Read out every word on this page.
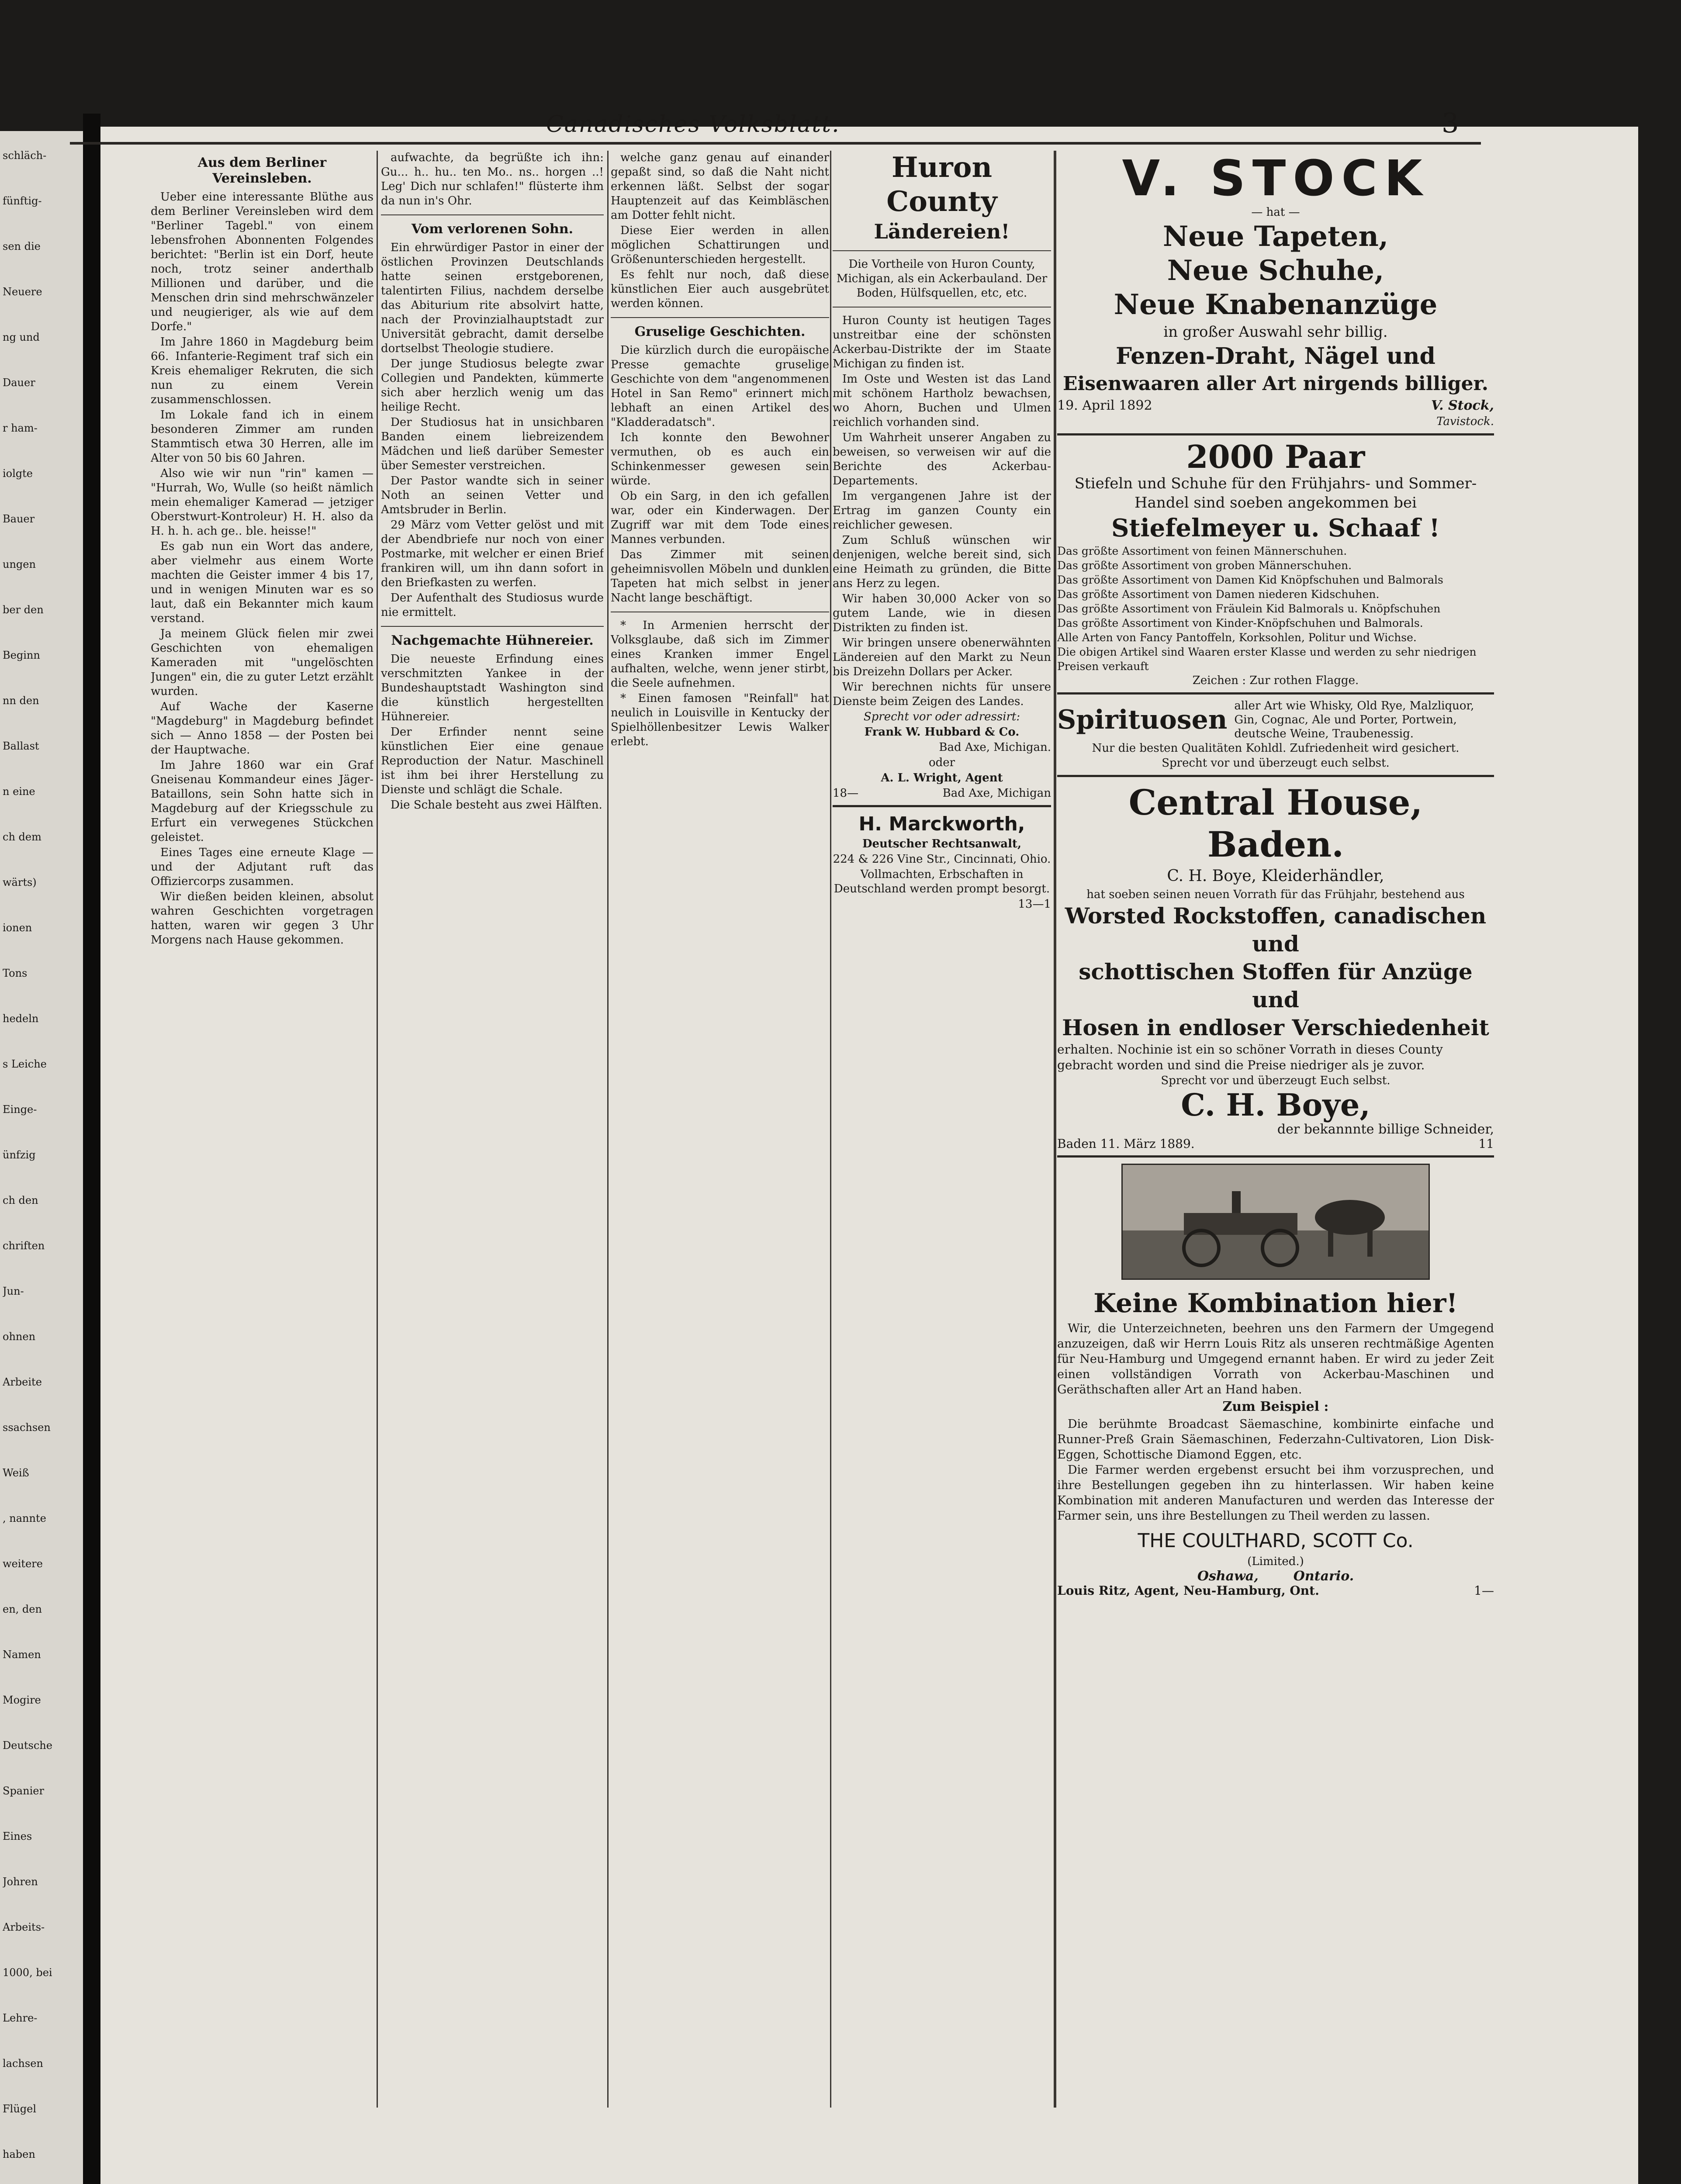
schläch-
fünftig-
sen die
Neuere
ng und
Dauer
r ham-
iolgte
Bauer
ungen
ber den
Beginn
nn den
Ballast
n eine
ch dem
wärts)
ionen
Tons
hedeln
s Leiche
Einge-
ünfzig
ch den
chriften
Jun-
ohnen
Arbeite
ssachsen
Weiß
, nannte
weitere
en, den
Namen
Mogire
Deutsche
Spanier
Eines
Johren
Arbeits-
1000, bei
Lehre-
lachsen
Flügel
haben
Canadisches Volksblatt.	3
Aus dem Berliner Vereinsleben.

Ueber eine interessante Blüthe aus dem Berliner Vereinsleben wird dem "Berliner Tagebl." von einem lebensfrohen Abonnenten Folgendes berichtet: "Berlin ist ein Dorf, heute noch, trotz seiner anderthalb Millionen und darüber, und die Menschen drin sind mehrschwänzeler und neugieriger, als wie auf dem Dorfe."

Im Jahre 1860 in Magdeburg beim 66. Infanterie-Regiment traf sich ein Kreis ehemaliger Rekruten, die sich nun zu einem Verein zusammenschlossen.

Im Lokale fand ich in einem besonderen Zimmer am runden Stammtisch etwa 30 Herren, alle im Alter von 50 bis 60 Jahren.

Also wie wir nun "rin" kamen — "Hurrah, Wo, Wulle (so heißt nämlich mein ehemaliger Kamerad — jetziger Oberstwurt-Kontroleur) H. H. also da H. h. h. ach ge.. ble. heisse!"

Es gab nun ein Wort das andere, aber vielmehr aus einem Worte machten die Geister immer 4 bis 17, und in wenigen Minuten war es so laut, daß ein Bekannter mich kaum verstand.

Ja meinem Glück fielen mir zwei Geschichten von ehemaligen Kameraden mit "ungelöschten Jungen" ein, die zu guter Letzt erzählt wurden.

Auf Wache der Kaserne "Magdeburg" in Magdeburg befindet sich — Anno 1858 — der Posten bei der Hauptwache.

Im Jahre 1860 war ein Graf Gneisenau Kommandeur eines Jäger-Bataillons, sein Sohn hatte sich in Magdeburg auf der Kriegsschule zu Erfurt ein verwegenes Stückchen geleistet.

Eines Tages eine erneute Klage — und der Adjutant ruft das Offiziercorps zusammen.

Wir dießen beiden kleinen, absolut wahren Geschichten vorgetragen hatten, waren wir gegen 3 Uhr Morgens nach Hause gekommen.

aufwachte, da begrüßte ich ihn: Gu... h.. hu.. ten Mo.. ns.. horgen ..! Leg' Dich nur schlafen!" flüsterte ihm da nun in's Ohr.

Vom verlorenen Sohn.

Ein ehrwürdiger Pastor in einer der östlichen Provinzen Deutschlands hatte seinen erstgeborenen, talentirten Filius, nachdem derselbe das Abiturium rite absolvirt hatte, nach der Provinzialhauptstadt zur Universität gebracht, damit derselbe dortselbst Theologie studiere.

Der junge Studiosus belegte zwar Collegien und Pandekten, kümmerte sich aber herzlich wenig um das heilige Recht.

Der Studiosus hat in unsichbaren Banden einem liebreizendem Mädchen und ließ darüber Semester über Semester verstreichen.

Der Pastor wandte sich in seiner Noth an seinen Vetter und Amtsbruder in Berlin.

29 März vom Vetter gelöst und mit der Abendbriefe nur noch von einer Postmarke, mit welcher er einen Brief frankiren will, um ihn dann sofort in den Briefkasten zu werfen.

Der Aufenthalt des Studiosus wurde nie ermittelt.

Nachgemachte Hühnereier.

Die neueste Erfindung eines verschmitzten Yankee in der Bundeshauptstadt Washington sind die künstlich hergestellten Hühnereier.

Der Erfinder nennt seine künstlichen Eier eine genaue Reproduction der Natur. Maschinell ist ihm bei ihrer Herstellung zu Dienste und schlägt die Schale.

Die Schale besteht aus zwei Hälften.

welche ganz genau auf einander gepaßt sind, so daß die Naht nicht erkennen läßt. Selbst der sogar Hauptenzeit auf das Keimbläschen am Dotter fehlt nicht.

Diese Eier werden in allen möglichen Schattirungen und Größenunterschieden hergestellt.

Es fehlt nur noch, daß diese künstlichen Eier auch ausgebrütet werden können.

Gruselige Geschichten.

Die kürzlich durch die europäische Presse gemachte gruselige Geschichte von dem "angenommenen Hotel in San Remo" erinnert mich lebhaft an einen Artikel des "Kladderadatsch".

Ich konnte den Bewohner vermuthen, ob es auch ein Schinkenmesser gewesen sein würde.

Ob ein Sarg, in den ich gefallen war, oder ein Kinderwagen. Der Zugriff war mit dem Tode eines Mannes verbunden.

Das Zimmer mit seinen geheimnisvollen Möbeln und dunklen Tapeten hat mich selbst in jener Nacht lange beschäftigt.

* In Armenien herrscht der Volksglaube, daß sich im Zimmer eines Kranken immer Engel aufhalten, welche, wenn jener stirbt, die Seele aufnehmen.

* Einen famosen "Reinfall" hat neulich in Louisville in Kentucky der Spielhöllenbesitzer Lewis Walker erlebt.

Huron County
Ländereien!

Die Vortheile von Huron County, Michigan, als ein Ackerbauland. Der Boden, Hülfsquellen, etc, etc.

Huron County ist heutigen Tages unstreitbar eine der schönsten Ackerbau-Distrikte der im Staate Michigan zu finden ist.

Im Oste und Westen ist das Land mit schönem Hartholz bewachsen, wo Ahorn, Buchen und Ulmen reichlich vorhanden sind.

Um Wahrheit unserer Angaben zu beweisen, so verweisen wir auf die Berichte des Ackerbau-Departements.

Im vergangenen Jahre ist der Ertrag im ganzen County ein reichlicher gewesen.

Zum Schluß wünschen wir denjenigen, welche bereit sind, sich eine Heimath zu gründen, die Bitte ans Herz zu legen.

Wir haben 30,000 Acker von so gutem Lande, wie in diesen Distrikten zu finden ist.

Wir bringen unsere obenerwähnten Ländereien auf den Markt zu Neun bis Dreizehn Dollars per Acker.

Wir berechnen nichts für unsere Dienste beim Zeigen des Landes.

Sprecht vor oder adressirt:

Frank W. Hubbard & Co.

Bad Axe, Michigan.

oder

A. L. Wright, Agent

18—	Bad Axe, Michigan
H. Marckworth,

Deutscher Rechtsanwalt,

224 & 226 Vine Str., Cincinnati, Ohio.

Vollmachten, Erbschaften in Deutschland werden prompt besorgt.

13—1

V. STOCK
— hat —
Neue Tapeten,
Neue Schuhe,
Neue Knabenanzüge
in großer Auswahl sehr billig.
Fenzen-Draht, Nägel und
Eisenwaaren aller Art nirgends billiger.
19. April 1892	V. Stock,
Tavistock.
2000 Paar
Stiefeln und Schuhe für den Frühjahrs- und Sommer-Handel sind soeben angekommen bei
Stiefelmeyer u. Schaaf !
Das größte Assortiment von feinen Männerschuhen.
Das größte Assortiment von groben Männerschuhen.
Das größte Assortiment von Damen Kid Knöpfschuhen und Balmorals
Das größte Assortiment von Damen niederen Kidschuhen.
Das größte Assortiment von Fräulein Kid Balmorals u. Knöpfschuhen
Das größte Assortiment von Kinder-Knöpfschuhen und Balmorals.
Alle Arten von Fancy Pantoffeln, Korksohlen, Politur und Wichse.
Die obigen Artikel sind Waaren erster Klasse und werden zu sehr niedrigen Preisen verkauft
Zeichen : Zur rothen Flagge.
Spirituosen aller Art wie Whisky, Old Rye, Malzliquor, Gin, Cognac, Ale und Porter, Portwein, deutsche Weine, Traubenessig.
Nur die besten Qualitäten Kohldl. Zufriedenheit wird gesichert.
Sprecht vor und überzeugt euch selbst.
Central House, Baden.
C. H. Boye, Kleiderhändler,
hat soeben seinen neuen Vorrath für das Frühjahr, bestehend aus
Worsted Rockstoffen, canadischen und
schottischen Stoffen für Anzüge und
Hosen in endloser Verschiedenheit
erhalten. Nochinie ist ein so schöner Vorrath in dieses County gebracht worden und sind die Preise niedriger als je zuvor.
Sprecht vor und überzeugt Euch selbst.
C. H. Boye,
der bekannnte billige Schneider,
Baden 11. März 1889.	11
Keine Kombination hier!
Wir, die Unterzeichneten, beehren uns den Farmern der Umgegend anzuzeigen, daß wir Herrn Louis Ritz als unseren rechtmäßige Agenten für Neu-Hamburg und Umgegend ernannt haben. Er wird zu jeder Zeit einen vollständigen Vorrath von Ackerbau-Maschinen und Geräthschaften aller Art an Hand haben.
Zum Beispiel :
Die berühmte Broadcast Säemaschine, kombinirte einfache und Runner-Preß Grain Säemaschinen, Federzahn-Cultivatoren, Lion Disk-Eggen, Schottische Diamond Eggen, etc.
Die Farmer werden ergebenst ersucht bei ihm vorzusprechen, und ihre Bestellungen gegeben ihn zu hinterlassen. Wir haben keine Kombination mit anderen Manufacturen und werden das Interesse der Farmer sein, uns ihre Bestellungen zu Theil werden zu lassen.
THE COULTHARD, SCOTT Co.
(Limited.)
Oshawa,	Ontario.
Louis Ritz, Agent, Neu-Hamburg, Ont.	1—
